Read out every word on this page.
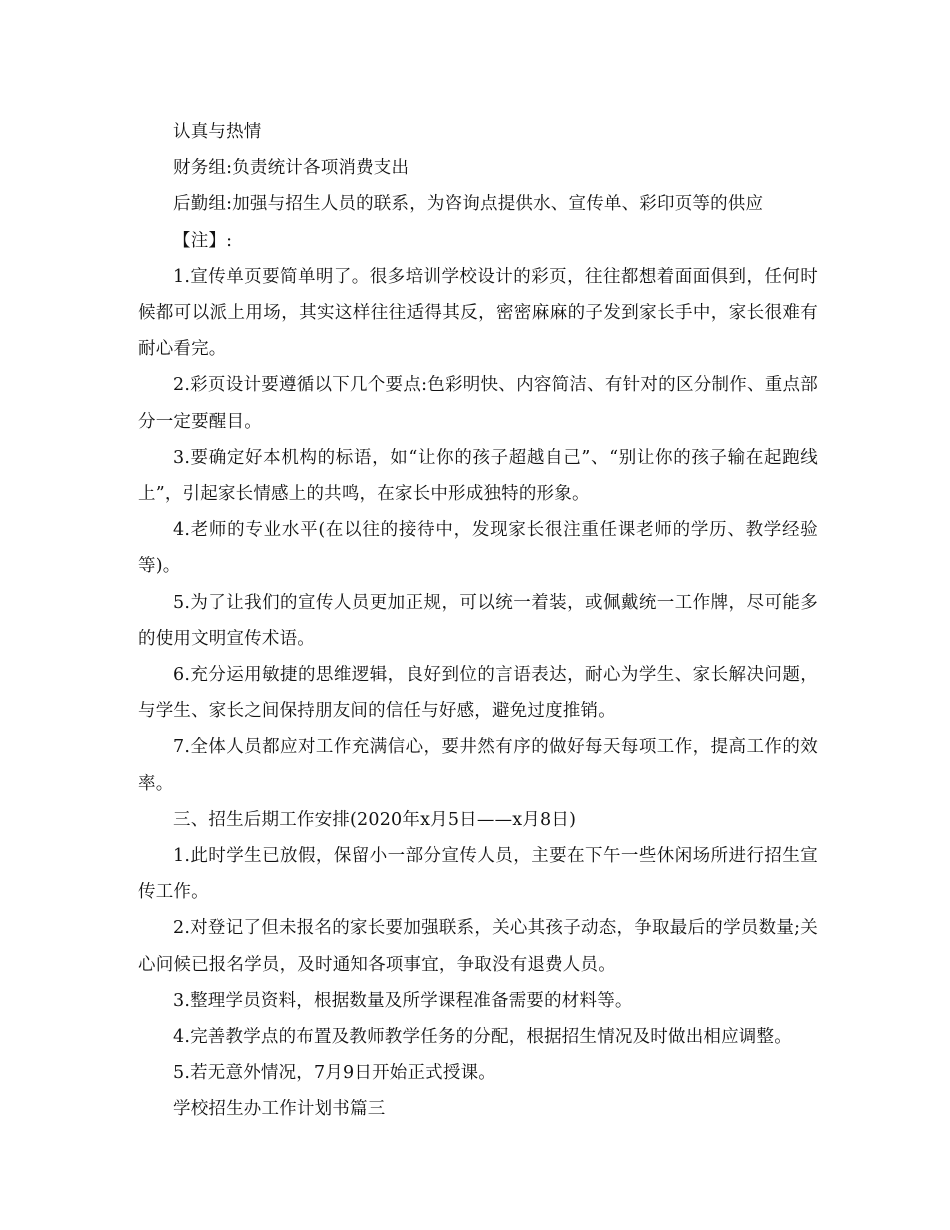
认真与热情

财务组:负责统计各项消费支出

后勤组:加强与招生人员的联系，为咨询点提供水、宣传单、彩印页等的供应

【注】:

1.宣传单页要简单明了。很多培训学校设计的彩页，往往都想着面面俱到，任何时候都可以派上用场，其实这样往往适得其反，密密麻麻的子发到家长手中，家长很难有耐心看完。

2.彩页设计要遵循以下几个要点:色彩明快、内容简洁、有针对的区分制作、重点部分一定要醒目。

3.要确定好本机构的标语，如“让你的孩子超越自己”、“别让你的孩子输在起跑线上”，引起家长情感上的共鸣，在家长中形成独特的形象。

4.老师的专业水平(在以往的接待中，发现家长很注重任课老师的学历、教学经验等)。

5.为了让我们的宣传人员更加正规，可以统一着装，或佩戴统一工作牌，尽可能多的使用文明宣传术语。

6.充分运用敏捷的思维逻辑，良好到位的言语表达，耐心为学生、家长解决问题，与学生、家长之间保持朋友间的信任与好感，避免过度推销。

7.全体人员都应对工作充满信心，要井然有序的做好每天每项工作，提高工作的效率。

三、招生后期工作安排(2020年x月5日——x月8日)

1.此时学生已放假，保留小一部分宣传人员，主要在下午一些休闲场所进行招生宣传工作。

2.对登记了但未报名的家长要加强联系，关心其孩子动态，争取最后的学员数量;关心问候已报名学员，及时通知各项事宜，争取没有退费人员。

3.整理学员资料，根据数量及所学课程准备需要的材料等。

4.完善教学点的布置及教师教学任务的分配，根据招生情况及时做出相应调整。

5.若无意外情况，7月9日开始正式授课。

学校招生办工作计划书篇三
